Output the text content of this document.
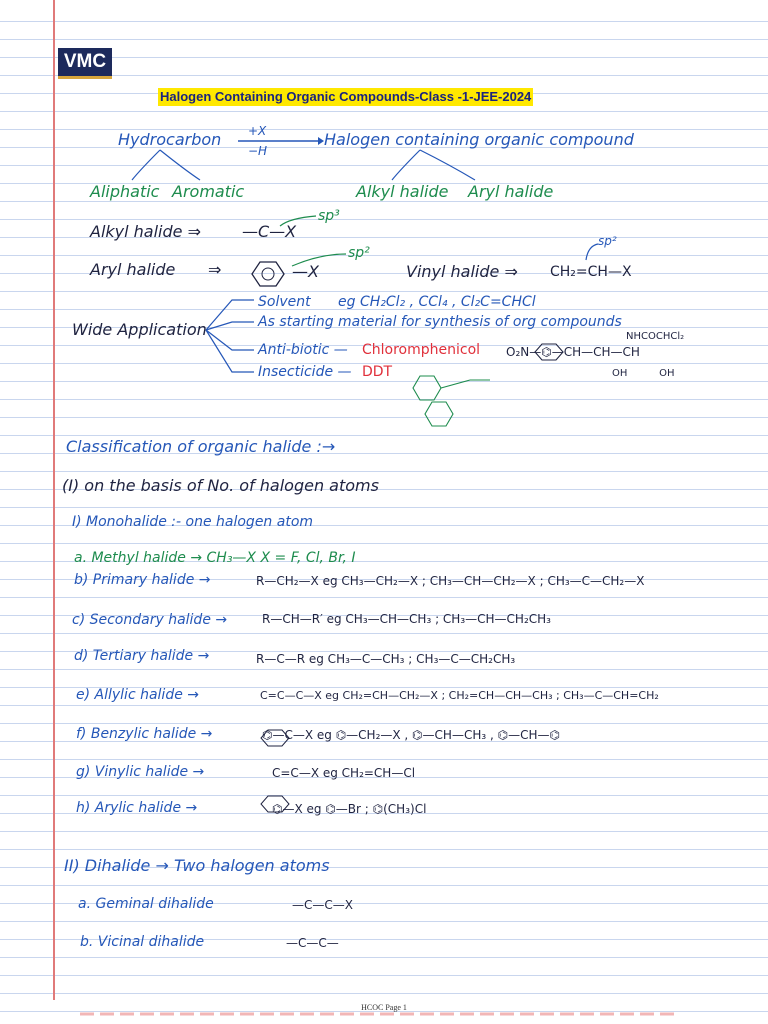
VMC
Halogen Containing Organic Compounds-Class -1-JEE-2024
Hydrocarbon +X
−H
Halogen containing organic compound
Aliphatic Aromatic	Alkyl halide Aryl halide
Alkyl halide ⇒	—C—X
sp³
Aryl halide ⇒	—X
sp²
Vinyl halide ⇒ CH₂=CH—X
sp²
Wide Application
Solvent eg CH₂Cl₂ , CCl₄ , Cl₂C=CHCl
As starting material for synthesis of org compounds
Anti-biotic — Chloromphenicol O₂N—⌬—CH—CH—CH
NHCOCHCl₂
OH          OH
Insecticide — DDT
Classification of organic halide :→
(I) on the basis of No. of halogen atoms
I) Monohalide :- one halogen atom
a. Methyl halide → CH₃—X X = F, Cl, Br, I
b) Primary halide →	R—CH₂—X eg CH₃—CH₂—X ; CH₃—CH—CH₂—X ; CH₃—C—CH₂—X
c) Secondary halide →	R—CH—R′ eg CH₃—CH—CH₃ ; CH₃—CH—CH₂CH₃
d) Tertiary halide →	R—C—R eg CH₃—C—CH₃ ; CH₃—C—CH₂CH₃
e) Allylic halide →	C=C—C—X eg CH₂=CH—CH₂—X ; CH₂=CH—CH—CH₃ ; CH₃—C—CH=CH₂
f) Benzylic halide →	⌬—C—X eg ⌬—CH₂—X , ⌬—CH—CH₃ , ⌬—CH—⌬
g) Vinylic halide →	C=C—X eg CH₂=CH—Cl
h) Arylic halide →	⌬—X eg ⌬—Br ; ⌬(CH₃)Cl
II) Dihalide → Two halogen atoms
a. Geminal dihalide	—C—C—X
b. Vicinal dihalide	—C—C—
HCOC Page 1
